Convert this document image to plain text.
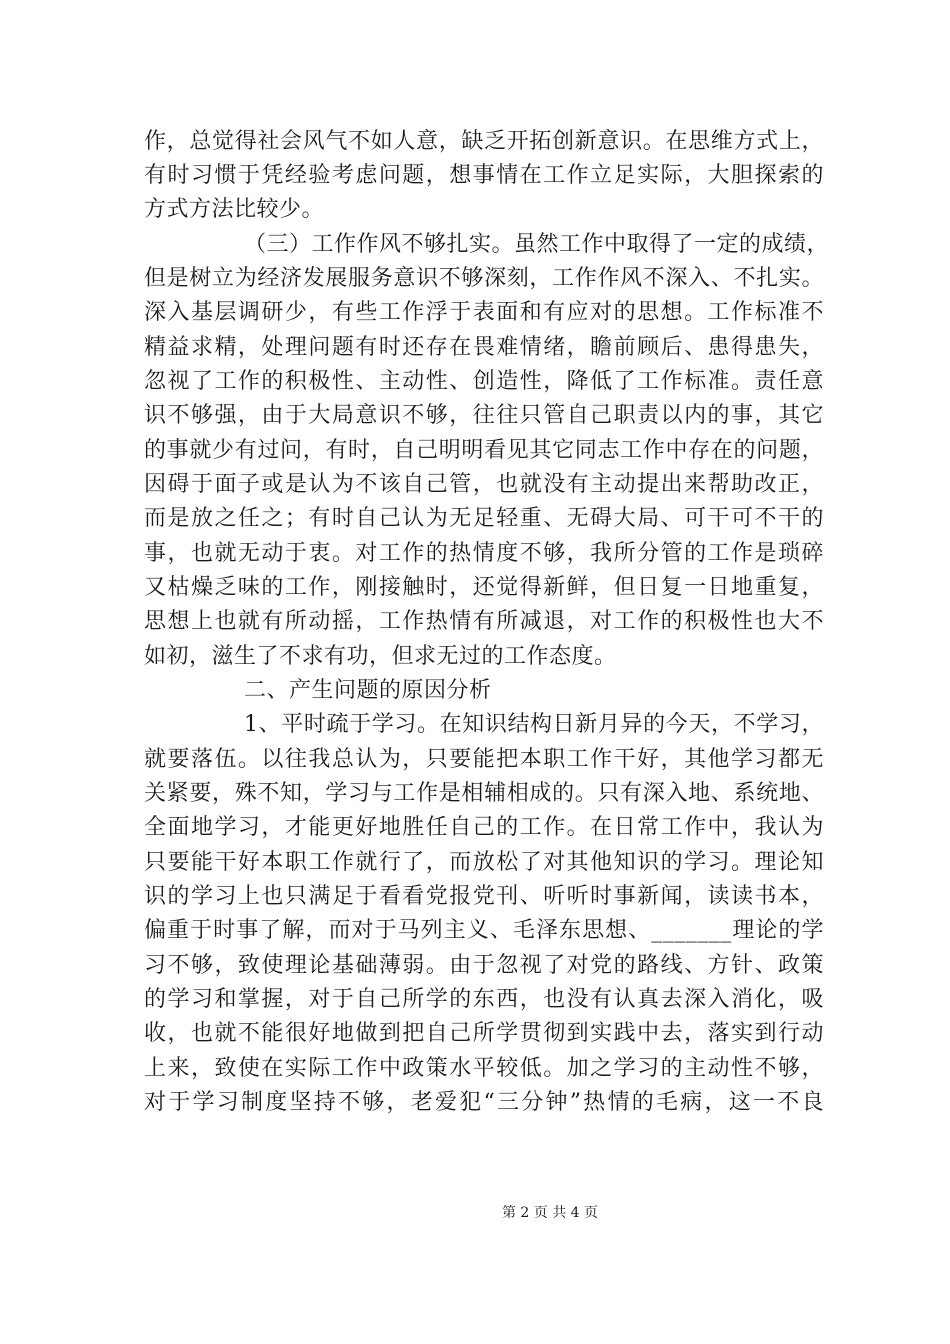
作，总觉得社会风气不如人意，缺乏开拓创新意识。在思维方式上，
有时习惯于凭经验考虑问题，想事情在工作立足实际，大胆探索的
方式方法比较少。
（三）工作作风不够扎实。虽然工作中取得了一定的成绩，
但是树立为经济发展服务意识不够深刻，工作作风不深入、不扎实。
深入基层调研少，有些工作浮于表面和有应对的思想。工作标准不
精益求精，处理问题有时还存在畏难情绪，瞻前顾后、患得患失，
忽视了工作的积极性、主动性、创造性，降低了工作标准。责任意
识不够强，由于大局意识不够，往往只管自己职责以内的事，其它
的事就少有过问，有时，自己明明看见其它同志工作中存在的问题，
因碍于面子或是认为不该自己管，也就没有主动提出来帮助改正，
而是放之任之；有时自己认为无足轻重、无碍大局、可干可不干的
事，也就无动于衷。对工作的热情度不够，我所分管的工作是琐碎
又枯燥乏味的工作，刚接触时，还觉得新鲜，但日复一日地重复，
思想上也就有所动摇，工作热情有所减退，对工作的积极性也大不
如初，滋生了不求有功，但求无过的工作态度。
二、产生问题的原因分析
1、平时疏于学习。在知识结构日新月异的今天，不学习，
就要落伍。以往我总认为，只要能把本职工作干好，其他学习都无
关紧要，殊不知，学习与工作是相辅相成的。只有深入地、系统地、
全面地学习，才能更好地胜任自己的工作。在日常工作中，我认为
只要能干好本职工作就行了，而放松了对其他知识的学习。理论知
识的学习上也只满足于看看党报党刊、听听时事新闻，读读书本，
偏重于时事了解，而对于马列主义、毛泽东思想、_______理论的学
习不够，致使理论基础薄弱。由于忽视了对党的路线、方针、政策
的学习和掌握，对于自己所学的东西，也没有认真去深入消化，吸
收，也就不能很好地做到把自己所学贯彻到实践中去，落实到行动
上来，致使在实际工作中政策水平较低。加之学习的主动性不够，
对于学习制度坚持不够，老爱犯“三分钟”热情的毛病，这一不良
第 2 页 共 4 页
